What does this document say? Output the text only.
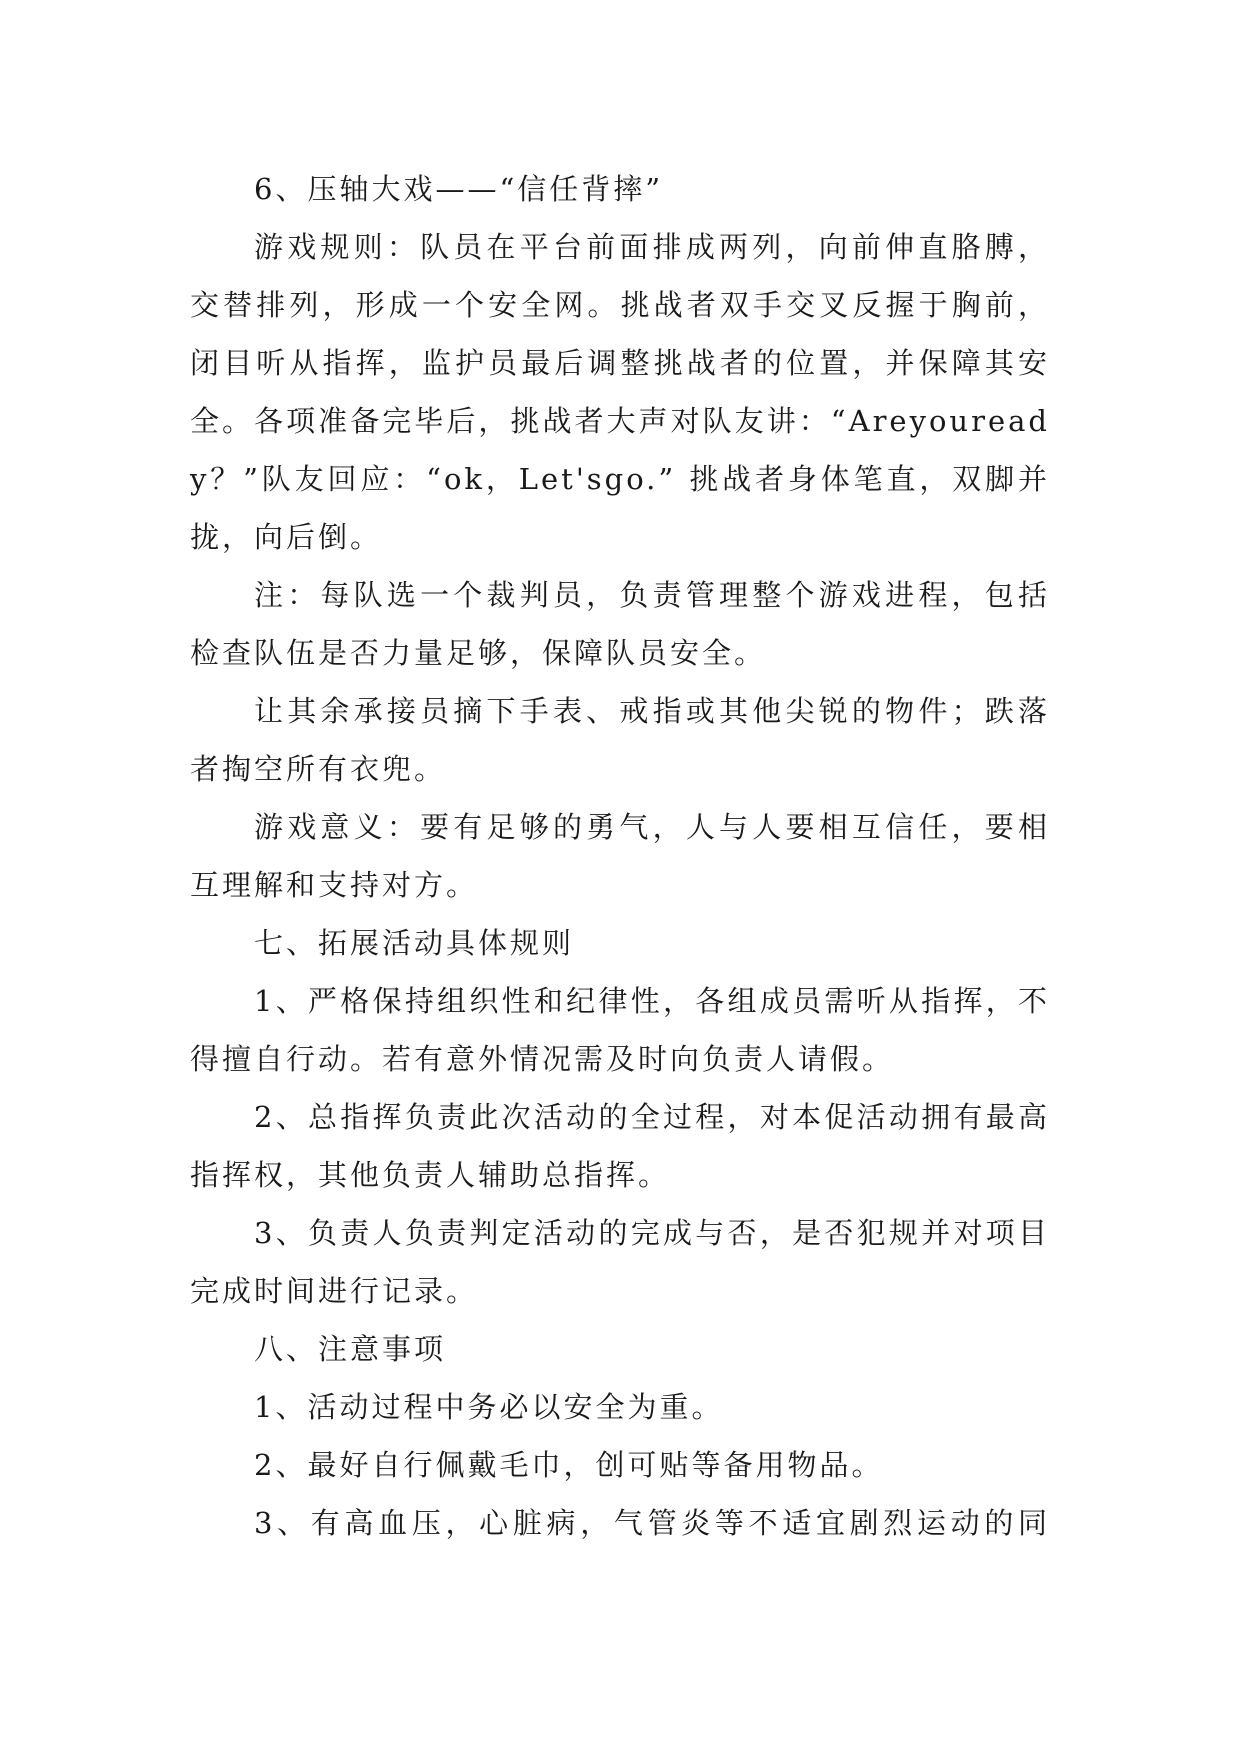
6、压轴大戏——“信任背摔”

游戏规则：队员在平台前面排成两列，向前伸直胳膊，交替排列，形成一个安全网。挑战者双手交叉反握于胸前，闭目听从指挥，监护员最后调整挑战者的位置，并保障其安全。各项准备完毕后，挑战者大声对队友讲：“Areyouready？”队友回应：“ok，Let'sgo.” 挑战者身体笔直，双脚并拢，向后倒。

注：每队选一个裁判员，负责管理整个游戏进程，包括检查队伍是否力量足够，保障队员安全。

让其余承接员摘下手表、戒指或其他尖锐的物件；跌落者掏空所有衣兜。

游戏意义：要有足够的勇气，人与人要相互信任，要相互理解和支持对方。

七、拓展活动具体规则

1、严格保持组织性和纪律性，各组成员需听从指挥，不得擅自行动。若有意外情况需及时向负责人请假。

2、总指挥负责此次活动的全过程，对本促活动拥有最高指挥权，其他负责人辅助总指挥。

3、负责人负责判定活动的完成与否，是否犯规并对项目完成时间进行记录。

八、注意事项

1、活动过程中务必以安全为重。

2、最好自行佩戴毛巾，创可贴等备用物品。

3、有高血压，心脏病，气管炎等不适宜剧烈运动的同
